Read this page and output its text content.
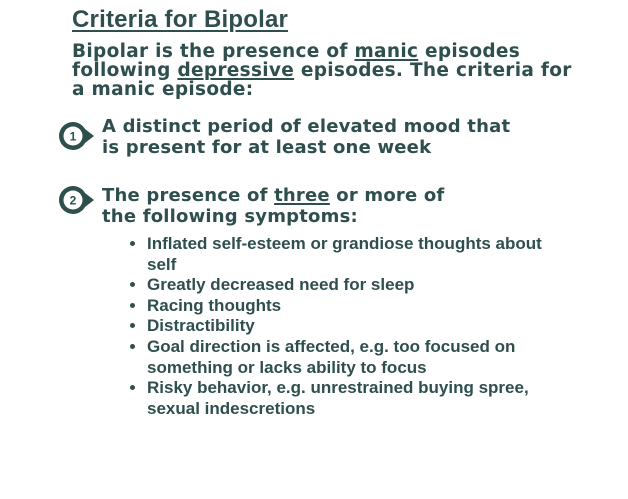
Criteria for Bipolar
Bipolar is the presence of manic episodes following depressive episodes. The criteria for a manic episode:
1 A distinct period of elevated mood that is present for at least one week
2 The presence of three or more of the following symptoms:
• Inflated self-esteem or grandiose thoughts about self
• Greatly decreased need for sleep
• Racing thoughts
• Distractibility
• Goal direction is affected, e.g. too focused on something or lacks ability to focus
• Risky behavior, e.g. unrestrained buying spree, sexual indescretions
